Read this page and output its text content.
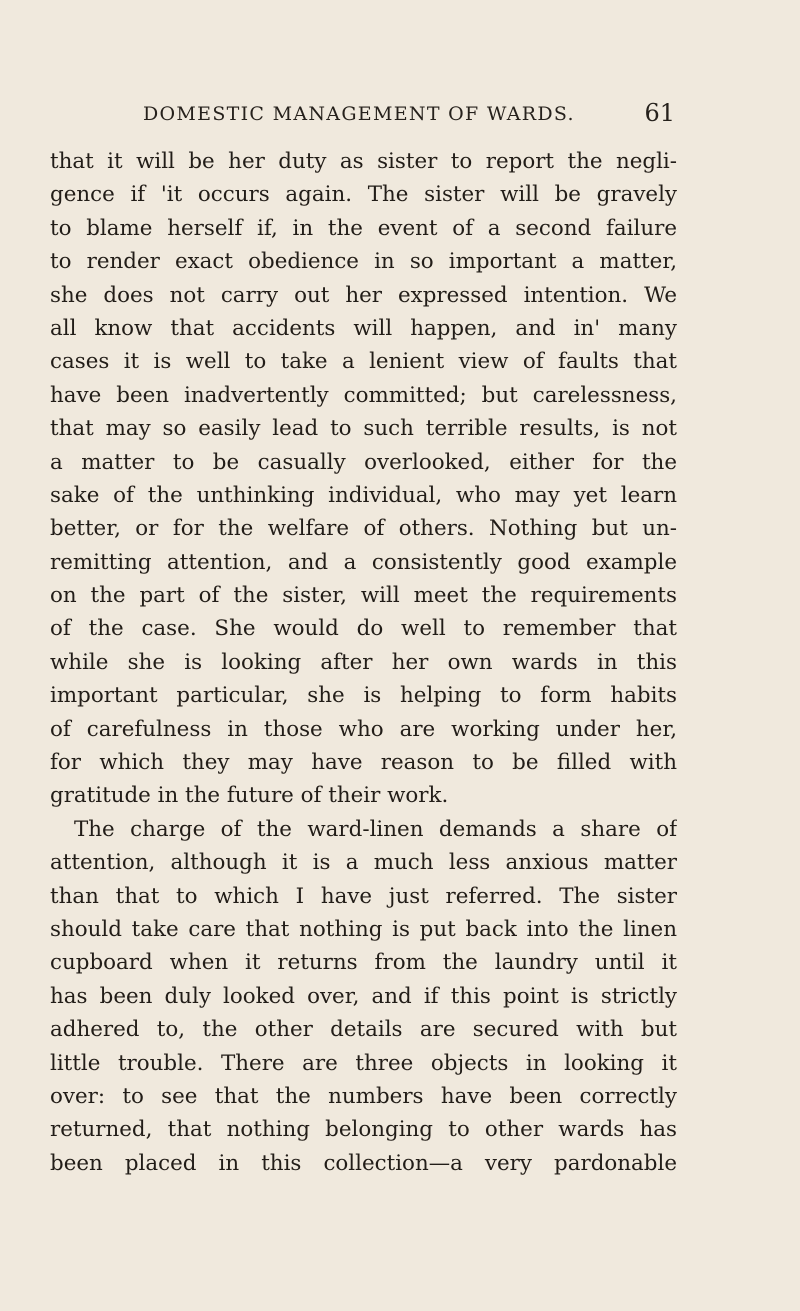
DOMESTIC MANAGEMENT OF WARDS.	61
that it will be her duty as sister to report the negli-
gence if 'it occurs again. The sister will be gravely
to blame herself if, in the event of a second failure
to render exact obedience in so important a matter,
she does not carry out her expressed intention. We
all know that accidents will happen, and in' many
cases it is well to take a lenient view of faults that
have been inadvertently committed; but carelessness,
that may so easily lead to such terrible results, is not
a matter to be casually overlooked, either for the
sake of the unthinking individual, who may yet learn
better, or for the welfare of others. Nothing but un-
remitting attention, and a consistently good example
on the part of the sister, will meet the requirements
of the case. She would do well to remember that
while she is looking after her own wards in this
important particular, she is helping to form habits
of carefulness in those who are working under her,
for which they may have reason to be filled with
gratitude in the future of their work.
The charge of the ward-linen demands a share of
attention, although it is a much less anxious matter
than that to which I have just referred. The sister
should take care that nothing is put back into the linen
cupboard when it returns from the laundry until it
has been duly looked over, and if this point is strictly
adhered to, the other details are secured with but
little trouble. There are three objects in looking it
over: to see that the numbers have been correctly
returned, that nothing belonging to other wards has
been placed in this collection—a very pardonable
